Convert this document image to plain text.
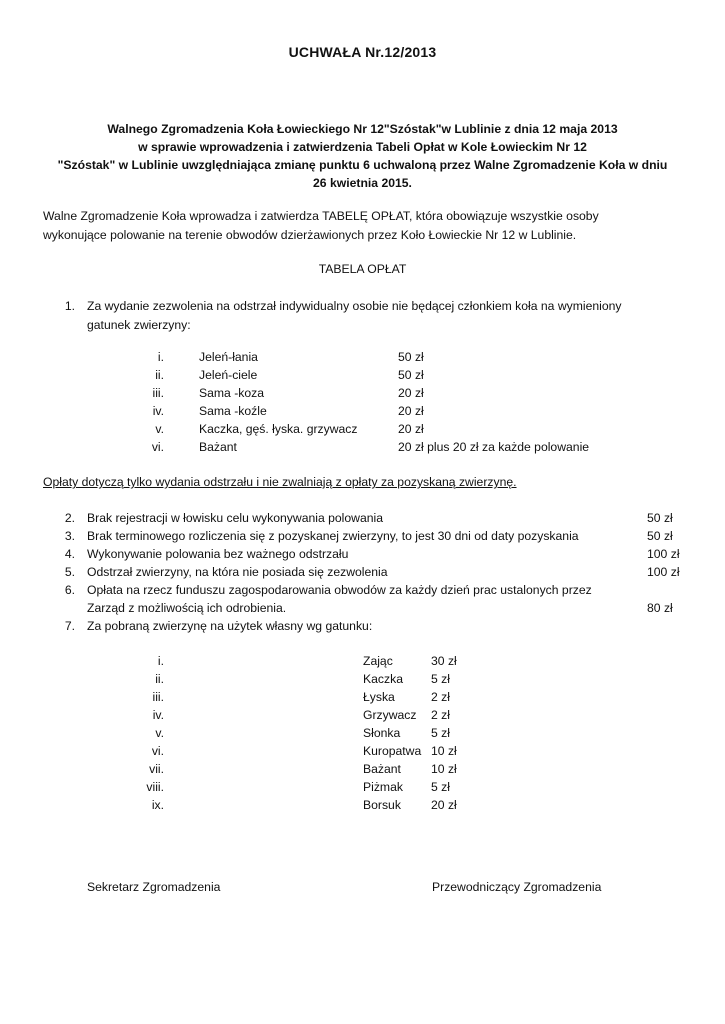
UCHWAŁA Nr.12/2013
Walnego Zgromadzenia Koła Łowieckiego Nr 12"Szóstak"w Lublinie z dnia 12 maja 2013
w sprawie wprowadzenia i zatwierdzenia Tabeli Opłat w Kole Łowieckim Nr 12
"Szóstak" w Lublinie uwzględniająca zmianę punktu 6 uchwaloną przez Walne Zgromadzenie Koła w dniu
26 kwietnia 2015.
Walne Zgromadzenie Koła wprowadza i zatwierdza TABELĘ OPŁAT, która obowiązuje wszystkie osoby
wykonujące polowanie na terenie obwodów dzierżawionych przez Koło Łowieckie Nr 12 w Lublinie.
TABELA OPŁAT
1. Za wydanie zezwolenia na odstrzał indywidualny osobie nie będącej członkiem koła na wymieniony
gatunek zwierzyny:
i.	Jeleń-łania	50 zł
ii.	Jeleń-ciele	50 zł
iii.	Sama -koza	20 zł
iv.	Sama -koźle	20 zł
v.	Kaczka, gęś. łyska. grzywacz	20 zł
vi.	Bażant	20 zł plus 20 zł za każde polowanie
Opłaty dotyczą tylko wydania odstrzału i nie zwalniają z opłaty za pozyskaną zwierzynę.
2. Brak rejestracji w łowisku celu wykonywania polowania	50 zł
3. Brak terminowego rozliczenia się z pozyskanej zwierzyny, to jest 30 dni od daty pozyskania	50 zł
4. Wykonywanie polowania bez ważnego odstrzału	100 zł
5. Odstrzał zwierzyny, na która nie posiada się zezwolenia	100 zł
6. Opłata na rzecz funduszu zagospodarowania obwodów za każdy dzień prac ustalonych przez
Zarząd z możliwością ich odrobienia.	80 zł
7. Za pobraną zwierzynę na użytek własny wg gatunku:
i.	Zając	30 zł
ii.	Kaczka 5 zł
iii.	Łyska	2 zł
iv.	Grzywacz 2 zł
v.	Słonka	5 zł
vi.	Kuropatwa 10 zł
vii.	Bażant 10 zł
viii.	Piżmak 5 zł
ix.	Borsuk 20 zł
Sekretarz Zgromadzenia	Przewodniczący Zgromadzenia
